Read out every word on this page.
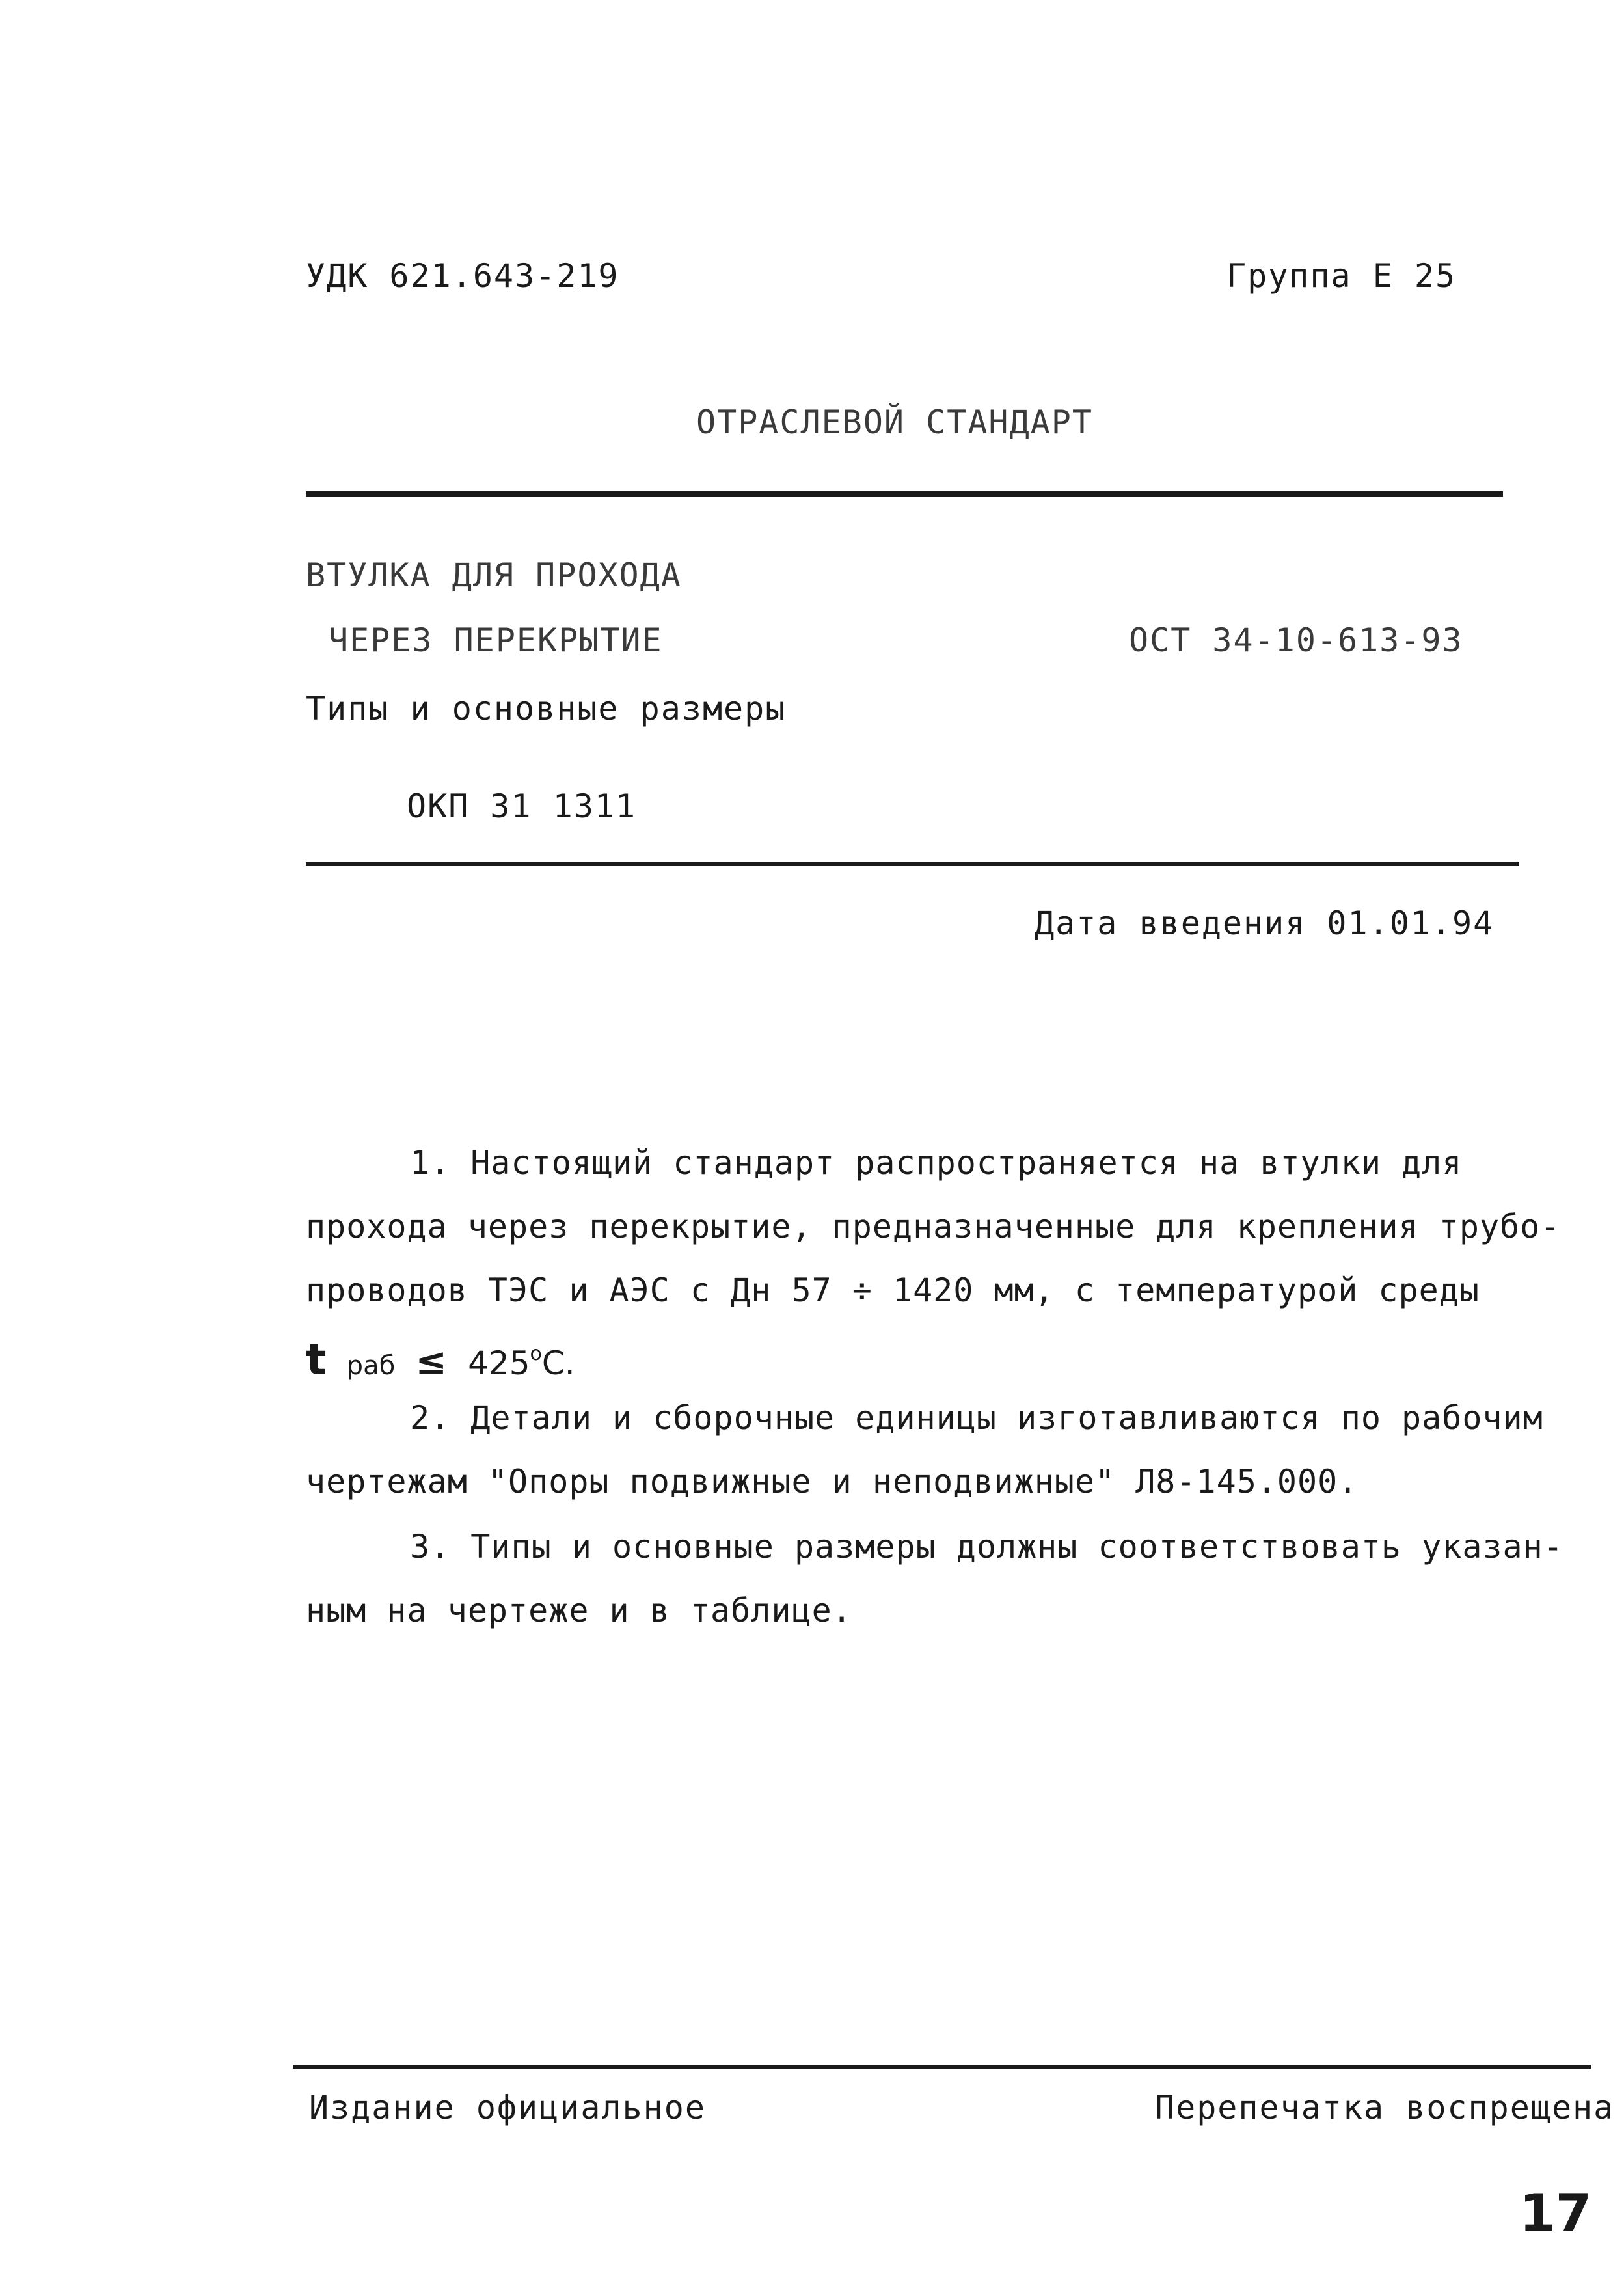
УДК 621.643-219	Группа Е 25
ОТРАСЛЕВОЙ СТАНДАРТ
ВТУЛКА ДЛЯ ПРОХОДА
ЧЕРЕЗ ПЕРЕКРЫТИЕ	ОСТ 34-10-613-93
Типы и основные размеры
ОКП 31 1311
Дата введения 01.01.94
1. Настоящий стандарт распространяется на втулки для
прохода через перекрытие, предназначенные для крепления трубо-
проводов ТЭС и АЭС с Дн 57 ÷ 1420 мм, с температурой среды
t раб ≤ $425^oС$.
2. Детали и сборочные единицы изготавливаются по рабочим
чертежам "Опоры подвижные и неподвижные" Л8-145.000.
3. Типы и основные размеры должны соответствовать указан-
ным на чертеже и в таблице.
Издание официальное	Перепечатка воспрещена
17
